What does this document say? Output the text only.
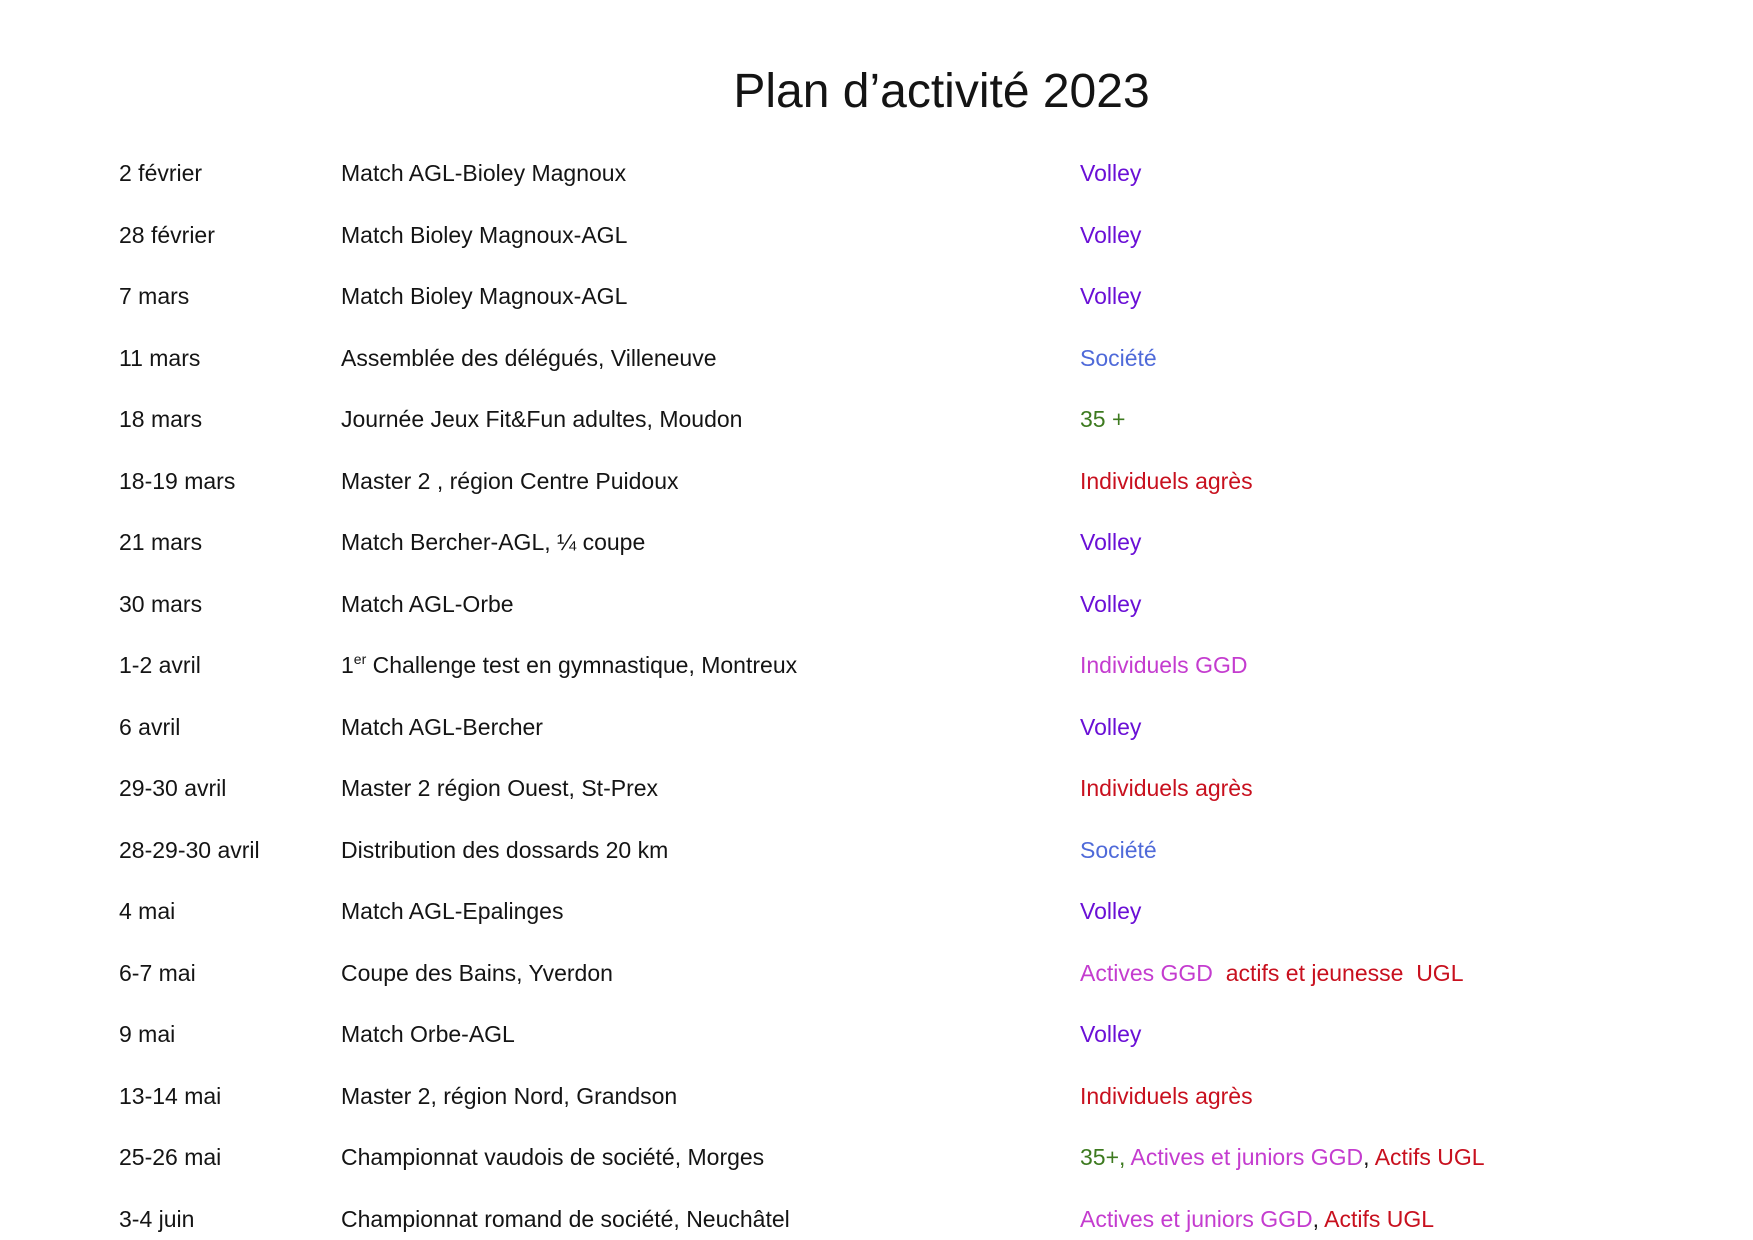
Plan d’activité 2023
2 février	Match AGL-Bioley Magnoux	Volley
28 février	Match Bioley Magnoux-AGL	Volley
7 mars	Match Bioley Magnoux-AGL	Volley
11 mars	Assemblée des délégués, Villeneuve	Société
18 mars	Journée Jeux Fit&Fun adultes, Moudon	35 +
18-19 mars	Master 2 , région Centre Puidoux	Individuels agrès
21 mars	Match Bercher-AGL, ¼ coupe	Volley
30 mars	Match AGL-Orbe	Volley
1-2 avril	1er Challenge test en gymnastique, Montreux	Individuels GGD
6 avril	Match AGL-Bercher	Volley
29-30 avril	Master 2 région Ouest, St-Prex	Individuels agrès
28-29-30 avril	Distribution des dossards 20 km	Société
4 mai	Match AGL-Epalinges	Volley
6-7 mai	Coupe des Bains, Yverdon	Actives GGD  actifs et jeunesse  UGL
9 mai	Match Orbe-AGL	Volley
13-14 mai	Master 2, région Nord, Grandson	Individuels agrès
25-26 mai	Championnat vaudois de société, Morges	35+, Actives et juniors GGD, Actifs UGL
3-4 juin	Championnat romand de société, Neuchâtel	Actives et juniors GGD, Actifs UGL
